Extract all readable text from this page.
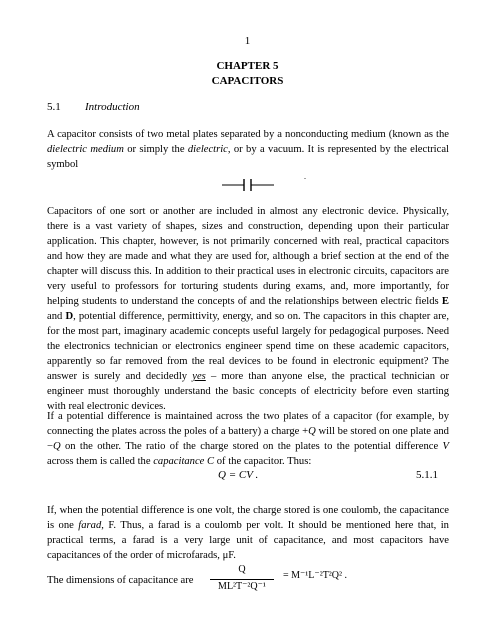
1
CHAPTER 5
CAPACITORS
5.1 Introduction

A capacitor consists of two metal plates separated by a nonconducting medium (known as the dielectric medium or simply the dielectric, or by a vacuum. It is represented by the electrical symbol

.

Capacitors of one sort or another are included in almost any electronic device. Physically, there is a vast variety of shapes, sizes and construction, depending upon their particular application. This chapter, however, is not primarily concerned with real, practical capacitors and how they are made and what they are used for, although a brief section at the end of the chapter will discuss this. In addition to their practical uses in electronic circuits, capacitors are very useful to professors for torturing students during exams, and, more importantly, for helping students to understand the concepts of and the relationships between electric fields E and D, potential difference, permittivity, energy, and so on. The capacitors in this chapter are, for the most part, imaginary academic concepts useful largely for pedagogical purposes. Need the electronics technician or electronics engineer spend time on these academic capacitors, apparently so far removed from the real devices to be found in electronic equipment? The answer is surely and decidedly yes – more than anyone else, the practical technician or engineer must thoroughly understand the basic concepts of electricity before even starting with real electronic devices.

If a potential difference is maintained across the two plates of a capacitor (for example, by connecting the plates across the poles of a battery) a charge +Q will be stored on one plate and −Q on the other. The ratio of the charge stored on the plates to the potential difference V across them is called the capacitance C of the capacitor. Thus:

Q = CV .	5.1.1

If, when the potential difference is one volt, the charge stored is one coulomb, the capacitance is one farad, F. Thus, a farad is a coulomb per volt. It should be mentioned here that, in practical terms, a farad is a very large unit of capacitance, and most capacitors have capacitances of the order of microfarads, μF.

The dimensions of capacitance are
Q
ML²T⁻²Q⁻¹
= M⁻¹L⁻²T²Q² .
